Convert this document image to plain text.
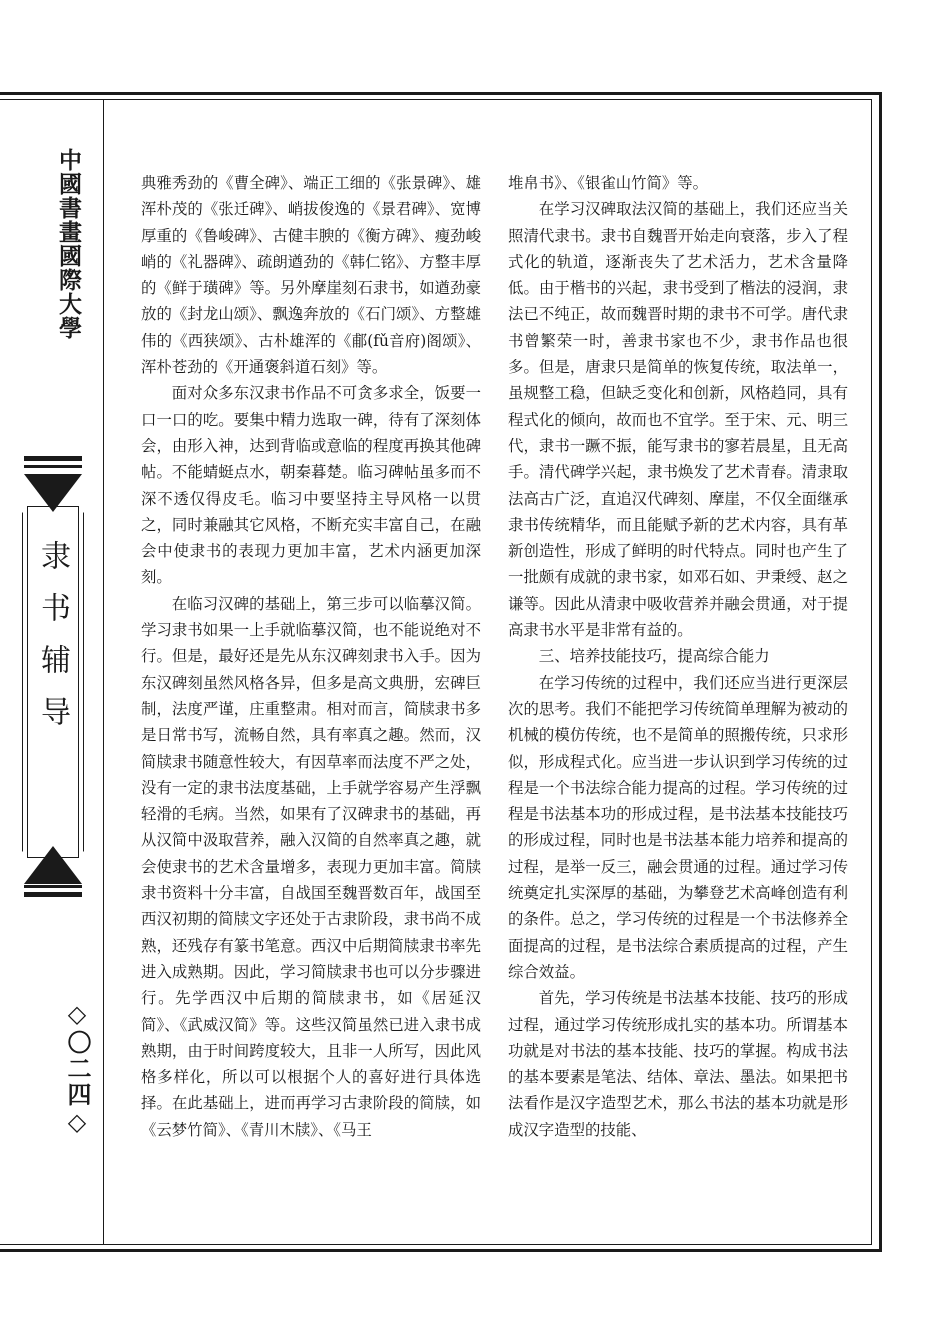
中國書畫國際大學
隶书辅导
◇〇二四◇

典雅秀劲的《曹全碑》、端正工细的《张景碑》、雄浑朴茂的《张迁碑》、峭拔俊逸的《景君碑》、宽博厚重的《鲁峻碑》、古健丰腴的《衡方碑》、瘦劲峻峭的《礼器碑》、疏朗遒劲的《韩仁铭》、方整丰厚的《鲜于璜碑》等。另外摩崖刻石隶书，如遒劲豪放的《封龙山颂》、飘逸奔放的《石门颂》、方整雄伟的《西狭颂》、古朴雄浑的《郙(fǔ音府)阁颂》、浑朴苍劲的《开通褒斜道石刻》等。

面对众多东汉隶书作品不可贪多求全，饭要一口一口的吃。要集中精力选取一碑，待有了深刻体会，由形入神，达到背临或意临的程度再换其他碑帖。不能蜻蜓点水，朝秦暮楚。临习碑帖虽多而不深不透仅得皮毛。临习中要坚持主导风格一以贯之，同时兼融其它风格，不断充实丰富自己，在融会中使隶书的表现力更加丰富，艺术内涵更加深刻。

在临习汉碑的基础上，第三步可以临摹汉简。学习隶书如果一上手就临摹汉简，也不能说绝对不行。但是，最好还是先从东汉碑刻隶书入手。因为东汉碑刻虽然风格各异，但多是高文典册，宏碑巨制，法度严谨，庄重整肃。相对而言，简牍隶书多是日常书写，流畅自然，具有率真之趣。然而，汉简牍隶书随意性较大，有因草率而法度不严之处，没有一定的隶书法度基础，上手就学容易产生浮飘轻滑的毛病。当然，如果有了汉碑隶书的基础，再从汉简中汲取营养，融入汉简的自然率真之趣，就会使隶书的艺术含量增多，表现力更加丰富。简牍隶书资料十分丰富，自战国至魏晋数百年，战国至西汉初期的简牍文字还处于古隶阶段，隶书尚不成熟，还残存有篆书笔意。西汉中后期简牍隶书率先进入成熟期。因此，学习简牍隶书也可以分步骤进行。先学西汉中后期的简牍隶书，如《居延汉简》、《武威汉简》等。这些汉简虽然已进入隶书成熟期，由于时间跨度较大，且非一人所写，因此风格多样化，所以可以根据个人的喜好进行具体选择。在此基础上，进而再学习古隶阶段的简牍，如《云梦竹简》、《青川木牍》、《马王

堆帛书》、《银雀山竹简》等。

在学习汉碑取法汉简的基础上，我们还应当关照清代隶书。隶书自魏晋开始走向衰落，步入了程式化的轨道，逐渐丧失了艺术活力，艺术含量降低。由于楷书的兴起，隶书受到了楷法的浸润，隶法已不纯正，故而魏晋时期的隶书不可学。唐代隶书曾繁荣一时，善隶书家也不少，隶书作品也很多。但是，唐隶只是简单的恢复传统，取法单一，虽规整工稳，但缺乏变化和创新，风格趋同，具有程式化的倾向，故而也不宜学。至于宋、元、明三代，隶书一蹶不振，能写隶书的寥若晨星，且无高手。清代碑学兴起，隶书焕发了艺术青春。清隶取法高古广泛，直追汉代碑刻、摩崖，不仅全面继承隶书传统精华，而且能赋予新的艺术内容，具有革新创造性，形成了鲜明的时代特点。同时也产生了一批颇有成就的隶书家，如邓石如、尹秉绶、赵之谦等。因此从清隶中吸收营养并融会贯通，对于提高隶书水平是非常有益的。

三、培养技能技巧，提高综合能力

在学习传统的过程中，我们还应当进行更深层次的思考。我们不能把学习传统简单理解为被动的机械的模仿传统，也不是简单的照搬传统，只求形似，形成程式化。应当进一步认识到学习传统的过程是一个书法综合能力提高的过程。学习传统的过程是书法基本功的形成过程，是书法基本技能技巧的形成过程，同时也是书法基本能力培养和提高的过程，是举一反三，融会贯通的过程。通过学习传统奠定扎实深厚的基础，为攀登艺术高峰创造有利的条件。总之，学习传统的过程是一个书法修养全面提高的过程，是书法综合素质提高的过程，产生综合效益。

首先，学习传统是书法基本技能、技巧的形成过程，通过学习传统形成扎实的基本功。所谓基本功就是对书法的基本技能、技巧的掌握。构成书法的基本要素是笔法、结体、章法、墨法。如果把书法看作是汉字造型艺术，那么书法的基本功就是形成汉字造型的技能、
